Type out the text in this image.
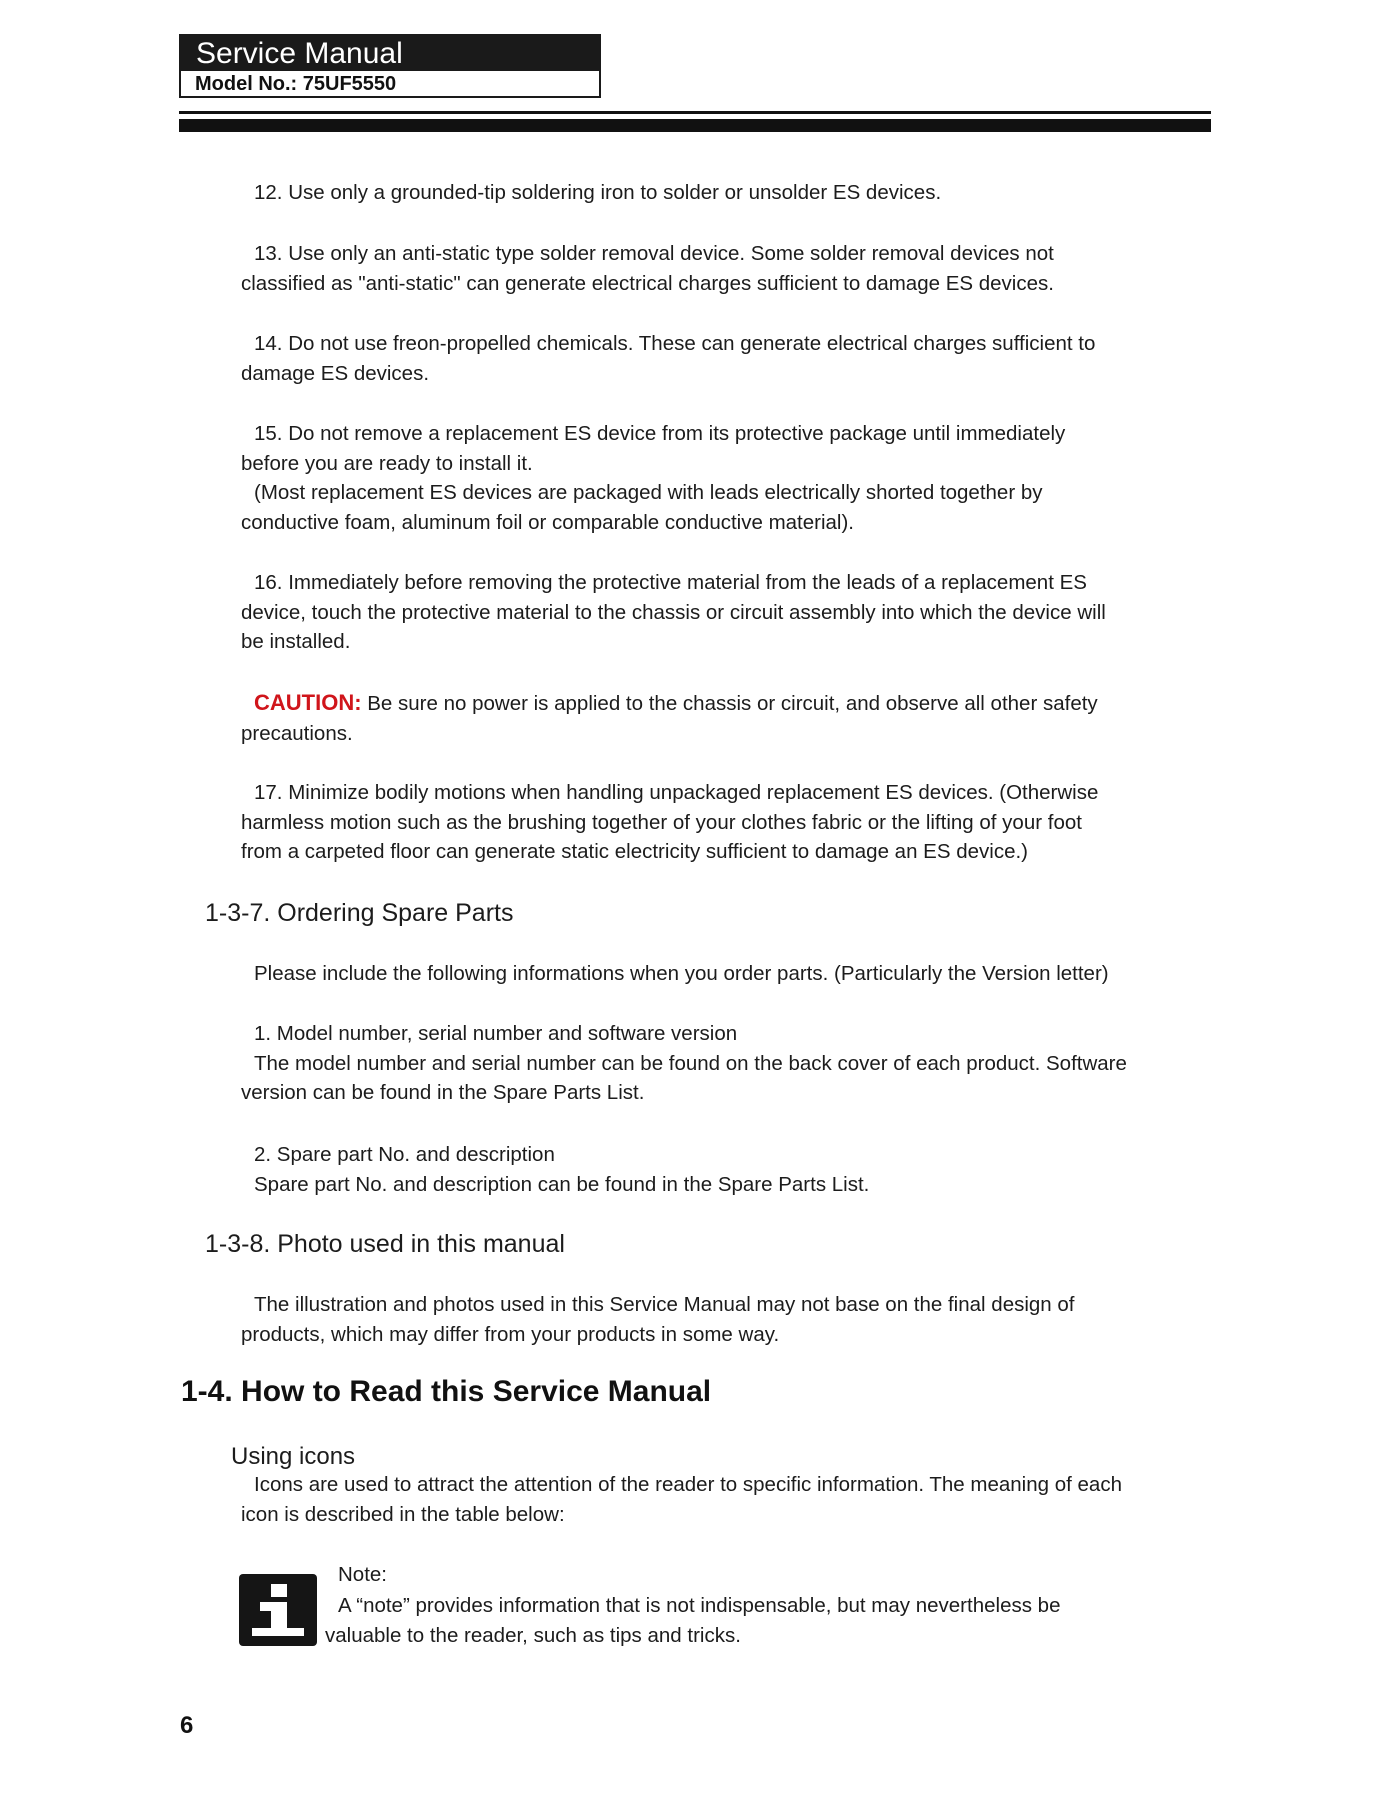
Service Manual
Model No.: 75UF5550

12. Use only a grounded-tip soldering iron to solder or unsolder ES devices.

13. Use only an anti-static type solder removal device. Some solder removal devices not

classified as "anti-static" can generate electrical charges sufficient to damage ES devices.

14. Do not use freon-propelled chemicals. These can generate electrical charges sufficient to

damage ES devices.

15. Do not remove a replacement ES device from its protective package until immediately

before you are ready to install it.

(Most replacement ES devices are packaged with leads electrically shorted together by

conductive foam, aluminum foil or comparable conductive material).

16. Immediately before removing the protective material from the leads of a replacement ES

device, touch the protective material to the chassis or circuit assembly into which the device will

be installed.

CAUTION: Be sure no power is applied to the chassis or circuit, and observe all other safety

precautions.

17. Minimize bodily motions when handling unpackaged replacement ES devices. (Otherwise

harmless motion such as the brushing together of your clothes fabric or the lifting of your foot

from a carpeted floor can generate static electricity sufficient to damage an ES device.)

1-3-7. Ordering Spare Parts

Please include the following informations when you order parts. (Particularly the Version letter)

1. Model number, serial number and software version

The model number and serial number can be found on the back cover of each product. Software

version can be found in the Spare Parts List.

2. Spare part No. and description

Spare part No. and description can be found in the Spare Parts List.

1-3-8. Photo used in this manual

The illustration and photos used in this Service Manual may not base on the final design of

products, which may differ from your products in some way.

1-4. How to Read this Service Manual
Using icons

Icons are used to attract the attention of the reader to specific information. The meaning of each

icon is described in the table below:

Note:

A “note” provides information that is not indispensable, but may nevertheless be

valuable to the reader, such as tips and tricks.

6
